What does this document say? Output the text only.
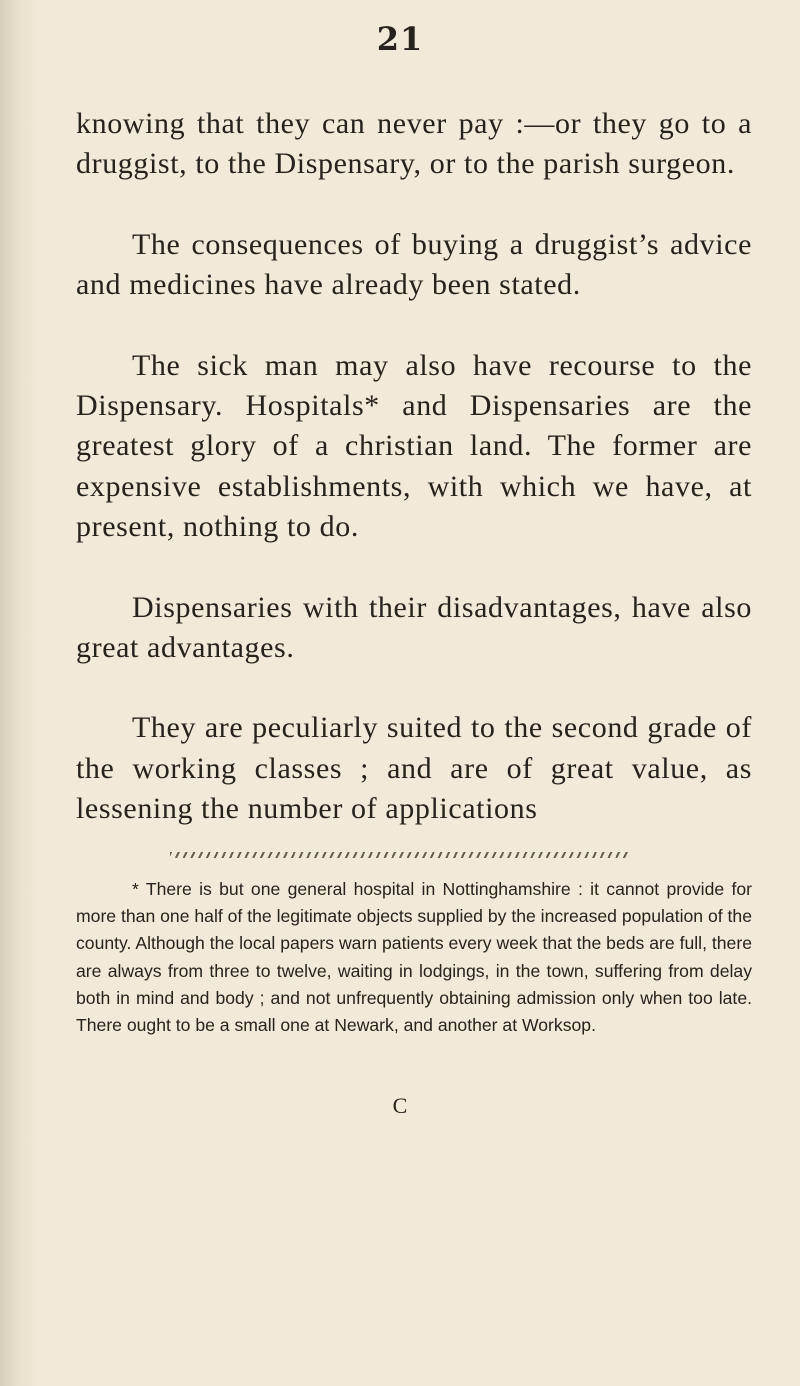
21

knowing that they can never pay :—or they go to a druggist, to the Dispensary, or to the parish surgeon.

The consequences of buying a druggist’s advice and medicines have already been stated.

The sick man may also have recourse to the Dispensary. Hospitals* and Dispensaries are the greatest glory of a christian land. The former are expensive establishments, with which we have, at present, nothing to do.

Dispensaries with their disadvantages, have also great advantages.

They are peculiarly suited to the second grade of the working classes ; and are of great value, as lessening the number of applications

* There is but one general hospital in Nottinghamshire : it cannot provide for more than one half of the legitimate objects supplied by the increased population of the county. Although the local papers warn patients every week that the beds are full, there are always from three to twelve, waiting in lodgings, in the town, suffering from delay both in mind and body ; and not unfrequently obtaining admission only when too late. There ought to be a small one at Newark, and another at Worksop.

C
